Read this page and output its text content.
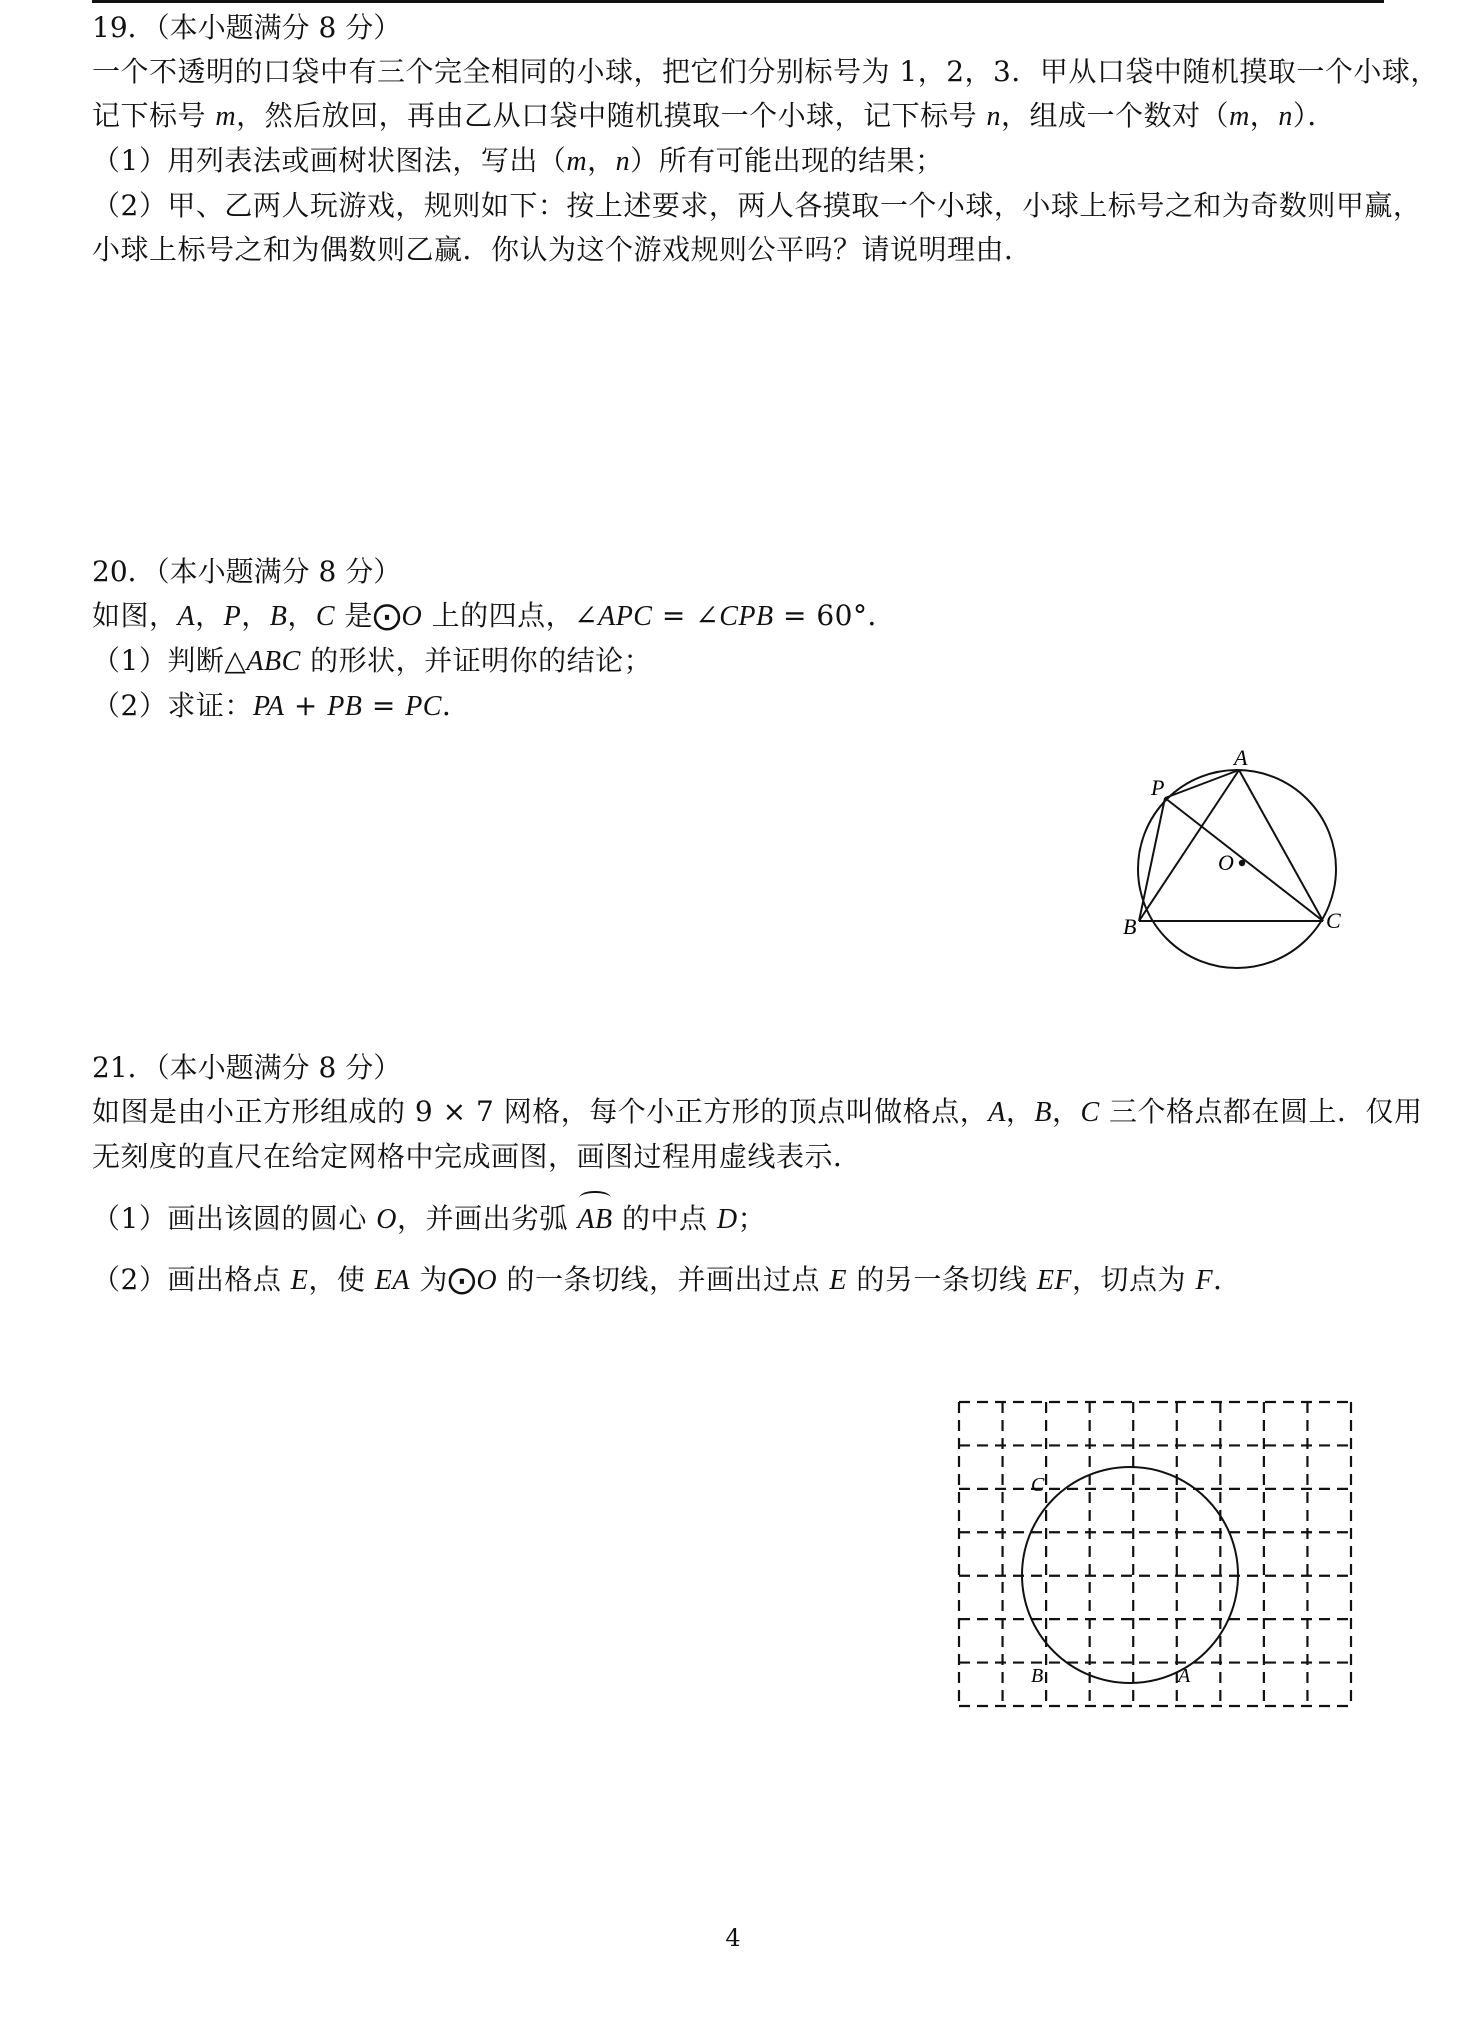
19．（本小题满分 8 分）
一个不透明的口袋中有三个完全相同的小球，把它们分别标号为 1，2，3．甲从口袋中随机摸取一个小球，
记下标号 m，然后放回，再由乙从口袋中随机摸取一个小球，记下标号 n，组成一个数对（m，n）．
（1）用列表法或画树状图法，写出（m，n）所有可能出现的结果；
（2）甲、乙两人玩游戏，规则如下：按上述要求，两人各摸取一个小球，小球上标号之和为奇数则甲赢，
小球上标号之和为偶数则乙赢．你认为这个游戏规则公平吗？请说明理由．
20．（本小题满分 8 分）
如图，A，P，B，C 是⨀O 上的四点，∠APC = ∠CPB = 60°．
（1）判断△ABC 的形状，并证明你的结论；
（2）求证：PA + PB = PC．
A
P
B	C
O
21．（本小题满分 8 分）
如图是由小正方形组成的 9 × 7 网格，每个小正方形的顶点叫做格点，A，B，C 三个格点都在圆上．仅用
无刻度的直尺在给定网格中完成画图，画图过程用虚线表示．
（1）画出该圆的圆心 O，并画出劣弧 AB 的中点 D；
（2）画出格点 E，使 EA 为⨀O 的一条切线，并画出过点 E 的另一条切线 EF，切点为 F．
C
B	A
4
